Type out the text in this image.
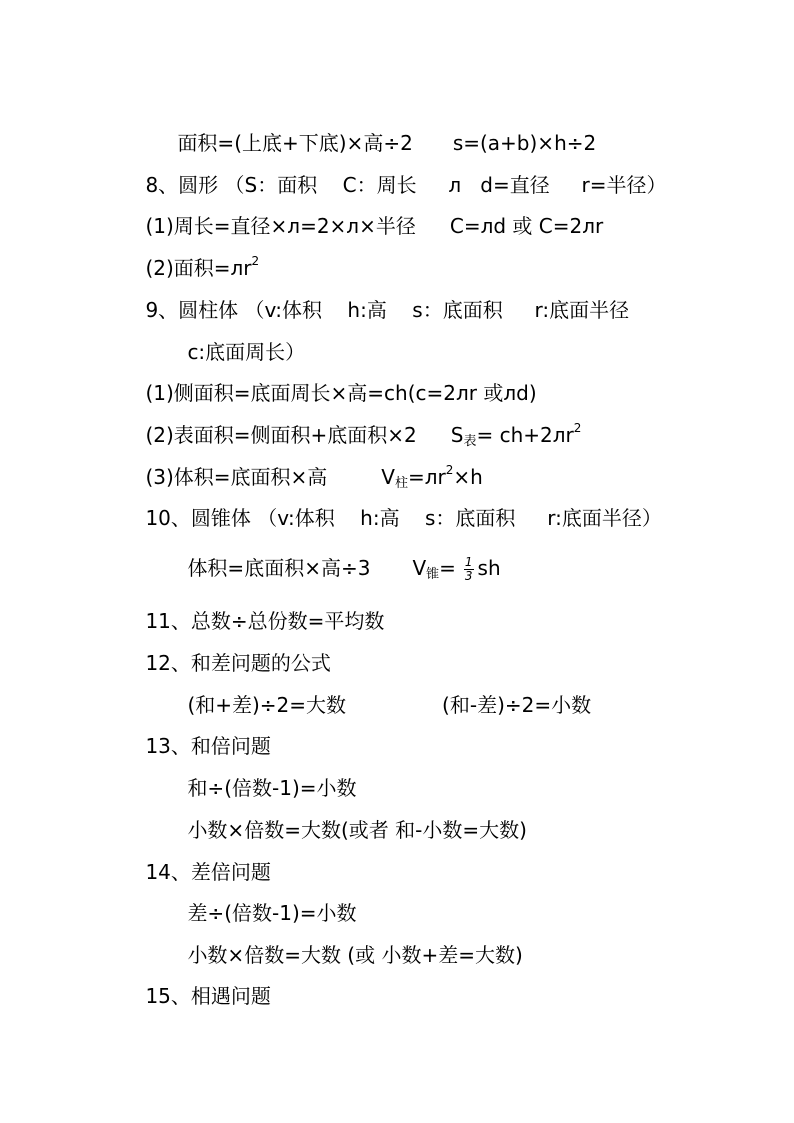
面积=(上底+下底)×高÷2 s=(a+b)×h÷2

8、圆形 （S：面积    C：周长     л   d=直径     r=半径）

(1)周长=直径×л=2×л×半径 C=лd 或 C=2лr

(2)面积$=лr^2$

9、圆柱体 （v:体积    h:高    s：底面积     r:底面半径

c:底面周长）

(1)侧面积=底面周长×高=ch(c=2лr 或лd)

(2)表面积=侧面积+底面积×2 $S_表= ch+2лr^2$

(3)体积=底面积×高	$V_柱=лr^2\times h$

10、圆锥体 （v:体积    h:高    s：底面积     r:底面半径）

体积=底面积×高÷3 $V_锥= \frac{1}{3}$ sh

11、总数÷总份数=平均数

12、和差问题的公式

(和+差)÷2=大数	(和-差)÷2=小数

13、和倍问题

和÷(倍数-1)=小数

小数×倍数=大数(或者 和-小数=大数)

14、差倍问题

差÷(倍数-1)=小数

小数×倍数=大数 (或 小数+差=大数)

15、相遇问题
